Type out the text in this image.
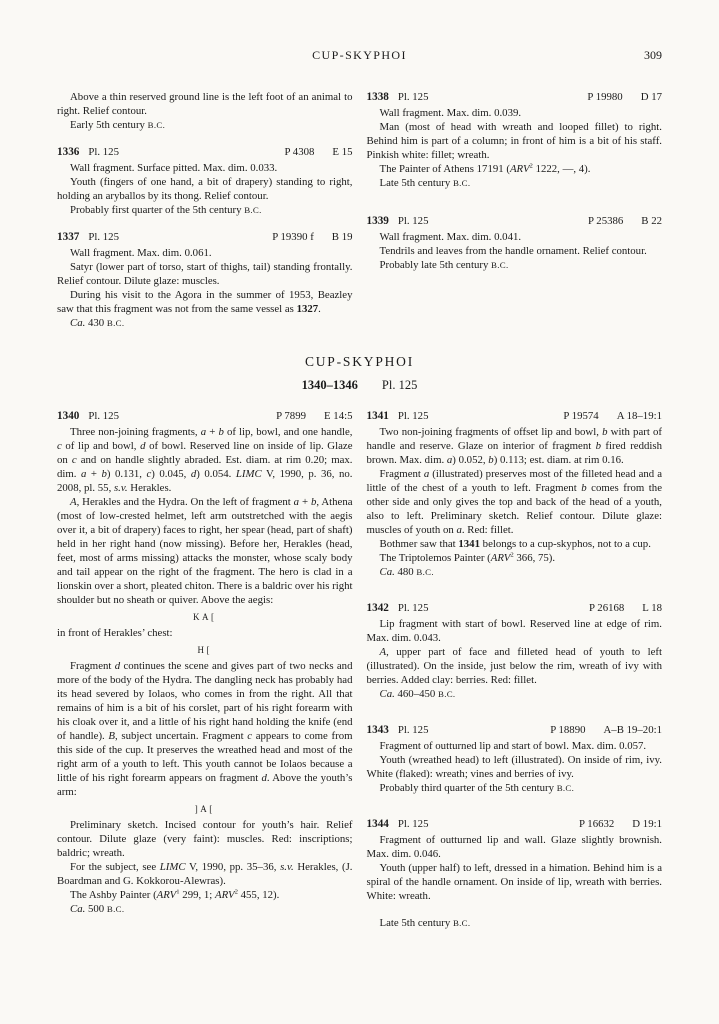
CUP-SKYPHOI	309

Above a thin reserved ground line is the left foot of an animal to right. Relief contour.

Early 5th century B.C.

1336 Pl. 125	P 4308 E 15

Wall fragment. Surface pitted. Max. dim. 0.033.

Youth (fingers of one hand, a bit of drapery) standing to right, holding an aryballos by its thong. Relief contour.

Probably first quarter of the 5th century B.C.

1337 Pl. 125	P 19390 f B 19

Wall fragment. Max. dim. 0.061.

Satyr (lower part of torso, start of thighs, tail) standing frontally. Relief contour. Dilute glaze: muscles.

During his visit to the Agora in the summer of 1953, Beazley saw that this fragment was not from the same vessel as 1327.

Ca. 430 B.C.

1338 Pl. 125	P 19980 D 17

Wall fragment. Max. dim. 0.039.

Man (most of head with wreath and looped fillet) to right. Behind him is part of a column; in front of him is a bit of his staff. Pinkish white: fillet; wreath.

The Painter of Athens 17191 (ARV$^2$ 1222, —, 4).

Late 5th century B.C.

1339 Pl. 125	P 25386 B 22

Wall fragment. Max. dim. 0.041.

Tendrils and leaves from the handle ornament. Relief contour.

Probably late 5th century B.C.

CUP-SKYPHOI
1340–1346 Pl. 125
1340 Pl. 125	P 7899 E 14:5

Three non-joining fragments, a + b of lip, bowl, and one handle, c of lip and bowl, d of bowl. Reserved line on inside of lip. Glaze on c and on handle slightly abraded. Est. diam. at rim 0.20; max. dim. a + b) 0.131, c) 0.045, d) 0.054. LIMC V, 1990, p. 36, no. 2008, pl. 55, s.v. Herakles.

A, Herakles and the Hydra. On the left of fragment a + b, Athena (most of low-crested helmet, left arm outstretched with the aegis over it, a bit of drapery) faces to right, her spear (head, part of shaft) held in her right hand (now missing). Before her, Herakles (head, feet, most of arms missing) attacks the monster, whose scaly body and tail appear on the right of the fragment. The hero is clad in a lionskin over a short, pleated chiton. There is a baldric over his right shoulder but no sheath or quiver. Above the aegis:

ΚΑ[

in front of Herakles’ chest:

Η[

Fragment d continues the scene and gives part of two necks and more of the body of the Hydra. The dangling neck has probably had its head severed by Iolaos, who comes in from the right. All that remains of him is a bit of his corslet, part of his right forearm with his cloak over it, and a little of his right hand holding the knife (end of handle). B, subject uncertain. Fragment c appears to come from this side of the cup. It preserves the wreathed head and most of the right arm of a youth to left. This youth cannot be Iolaos because a little of his right forearm appears on fragment d. Above the youth’s arm:

]Α[

Preliminary sketch. Incised contour for youth’s hair. Relief contour. Dilute glaze (very faint): muscles. Red: inscriptions; baldric; wreath.

For the subject, see LIMC V, 1990, pp. 35–36, s.v. Herakles, (J. Boardman and G. Kokkorou-Alewras).

The Ashby Painter (ARV$^1$ 299, 1; ARV$^2$ 455, 12).

Ca. 500 B.C.

1341 Pl. 125	P 19574 A 18–19:1

Two non-joining fragments of offset lip and bowl, b with part of handle and reserve. Glaze on interior of fragment b fired reddish brown. Max. dim. a) 0.052, b) 0.113; est. diam. at rim 0.16.

Fragment a (illustrated) preserves most of the filleted head and a little of the chest of a youth to left. Fragment b comes from the other side and only gives the top and back of the head of a youth, also to left. Preliminary sketch. Relief contour. Dilute glaze: muscles of youth on a. Red: fillet.

Bothmer saw that 1341 belongs to a cup-skyphos, not to a cup.

The Triptolemos Painter (ARV$^2$ 366, 75).

Ca. 480 B.C.

1342 Pl. 125	P 26168 L 18

Lip fragment with start of bowl. Reserved line at edge of rim. Max. dim. 0.043.

A, upper part of face and filleted head of youth to left (illustrated). On the inside, just below the rim, wreath of ivy with berries. Added clay: berries. Red: fillet.

Ca. 460–450 B.C.

1343 Pl. 125	P 18890 A–B 19–20:1

Fragment of outturned lip and start of bowl. Max. dim. 0.057.

Youth (wreathed head) to left (illustrated). On inside of rim, ivy. White (flaked): wreath; vines and berries of ivy.

Probably third quarter of the 5th century B.C.

1344 Pl. 125	P 16632 D 19:1

Fragment of outturned lip and wall. Glaze slightly brownish. Max. dim. 0.046.

Youth (upper half) to left, dressed in a himation. Behind him is a spiral of the handle ornament. On inside of lip, wreath with berries. White: wreath.

Late 5th century B.C.
